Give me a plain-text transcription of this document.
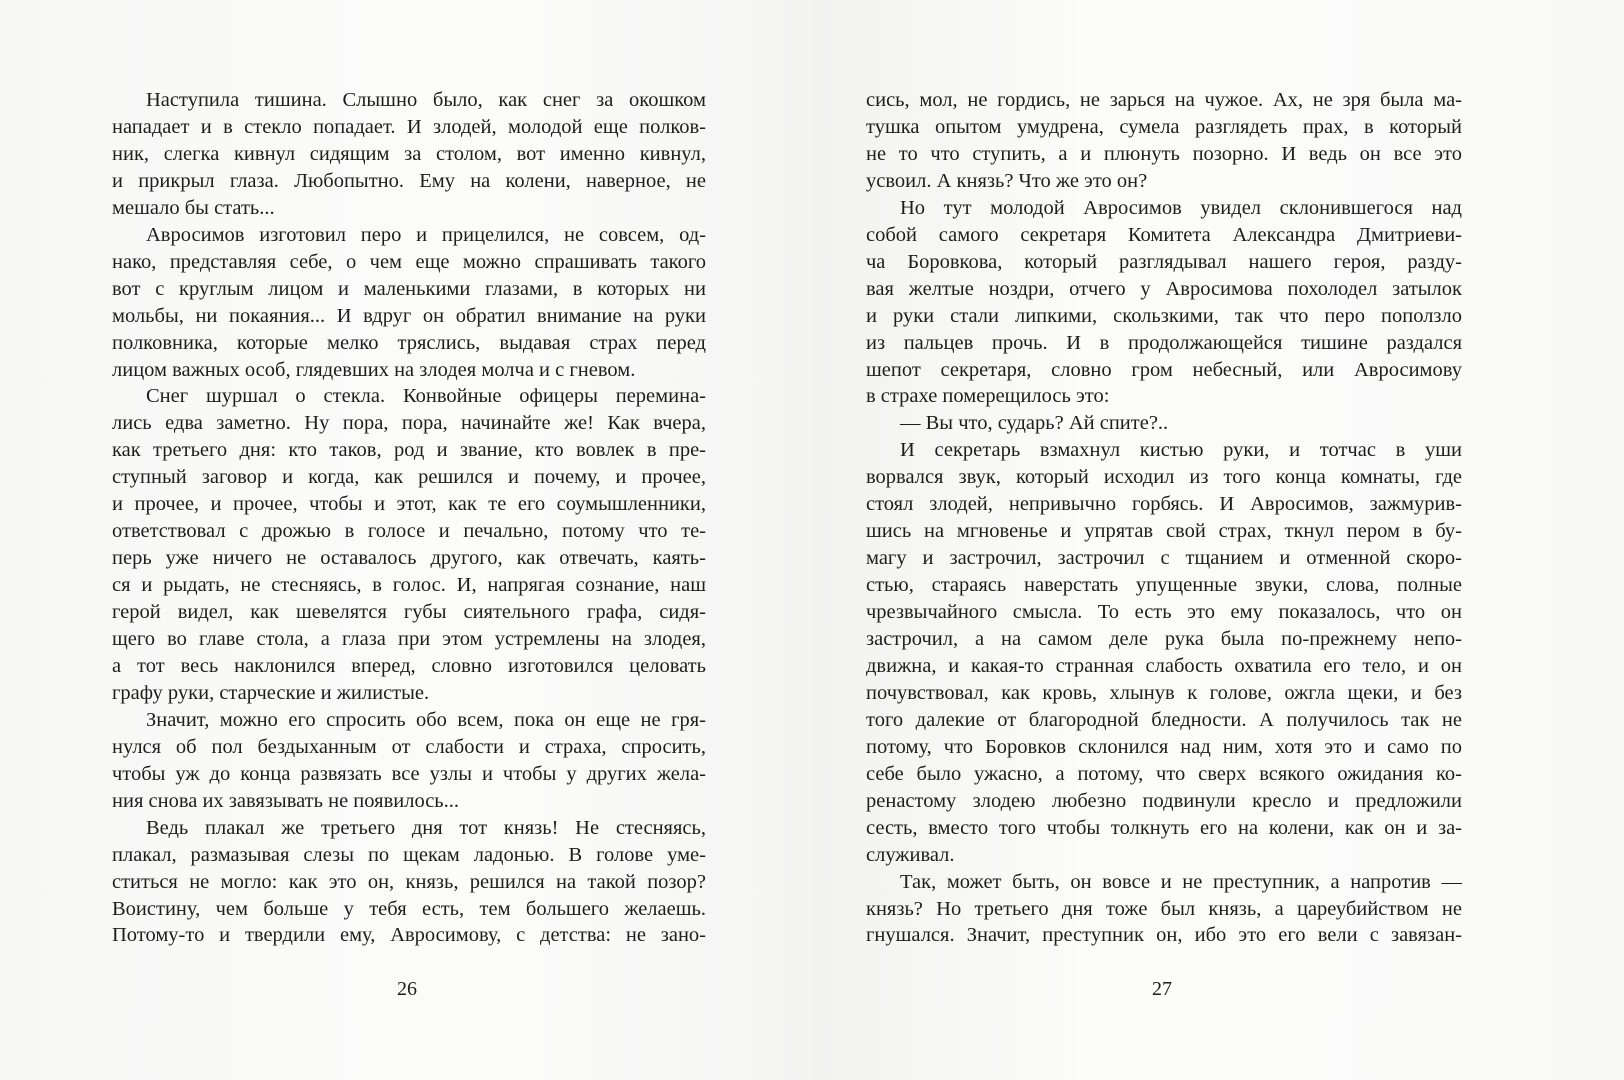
Наступила тишина. Слышно было, как снег за окошком
нападает и в стекло попадает. И злодей, молодой еще полков-
ник, слегка кивнул сидящим за столом, вот именно кивнул,
и прикрыл глаза. Любопытно. Ему на колени, наверное, не
мешало бы стать...
Авросимов изготовил перо и прицелился, не совсем, од-
нако, представляя себе, о чем еще можно спрашивать такого
вот с круглым лицом и маленькими глазами, в которых ни
мольбы, ни покаяния... И вдруг он обратил внимание на руки
полковника, которые мелко тряслись, выдавая страх перед
лицом важных особ, глядевших на злодея молча и с гневом.
Снег шуршал о стекла. Конвойные офицеры перемина-
лись едва заметно. Ну пора, пора, начинайте же! Как вчера,
как третьего дня: кто таков, род и звание, кто вовлек в пре-
ступный заговор и когда, как решился и почему, и прочее,
и прочее, и прочее, чтобы и этот, как те его соумышленники,
ответствовал с дрожью в голосе и печально, потому что те-
перь уже ничего не оставалось другого, как отвечать, каять-
ся и рыдать, не стесняясь, в голос. И, напрягая сознание, наш
герой видел, как шевелятся губы сиятельного графа, сидя-
щего во главе стола, а глаза при этом устремлены на злодея,
а тот весь наклонился вперед, словно изготовился целовать
графу руки, старческие и жилистые.
Значит, можно его спросить обо всем, пока он еще не гря-
нулся об пол бездыханным от слабости и страха, спросить,
чтобы уж до конца развязать все узлы и чтобы у других жела-
ния снова их завязывать не появилось...
Ведь плакал же третьего дня тот князь! Не стесняясь,
плакал, размазывая слезы по щекам ладонью. В голове уме-
ститься не могло: как это он, князь, решился на такой позор?
Воистину, чем больше у тебя есть, тем большего желаешь.
Потому-то и твердили ему, Авросимову, с детства: не зано-
26
сись, мол, не гордись, не зарься на чужое. Ах, не зря была ма-
тушка опытом умудрена, сумела разглядеть прах, в который
не то что ступить, а и плюнуть позорно. И ведь он все это
усвоил. А князь? Что же это он?
Но тут молодой Авросимов увидел склонившегося над
собой самого секретаря Комитета Александра Дмитриеви-
ча Боровкова, который разглядывал нашего героя, разду-
вая желтые ноздри, отчего у Авросимова похолодел затылок
и руки стали липкими, скользкими, так что перо поползло
из пальцев прочь. И в продолжающейся тишине раздался
шепот секретаря, словно гром небесный, или Авросимову
в страхе померещилось это:
— Вы что, сударь? Ай спите?..
И секретарь взмахнул кистью руки, и тотчас в уши
ворвался звук, который исходил из того конца комнаты, где
стоял злодей, непривычно горбясь. И Авросимов, зажмурив-
шись на мгновенье и упрятав свой страх, ткнул пером в бу-
магу и застрочил, застрочил с тщанием и отменной скоро-
стью, стараясь наверстать упущенные звуки, слова, полные
чрезвычайного смысла. То есть это ему показалось, что он
застрочил, а на самом деле рука была по-прежнему непо-
движна, и какая-то странная слабость охватила его тело, и он
почувствовал, как кровь, хлынув к голове, ожгла щеки, и без
того далекие от благородной бледности. А получилось так не
потому, что Боровков склонился над ним, хотя это и само по
себе было ужасно, а потому, что сверх всякого ожидания ко-
ренастому злодею любезно подвинули кресло и предложили
сесть, вместо того чтобы толкнуть его на колени, как он и за-
служивал.
Так, может быть, он вовсе и не преступник, а напротив —
князь? Но третьего дня тоже был князь, а цареубийством не
гнушался. Значит, преступник он, ибо это его вели с завязан-
27
